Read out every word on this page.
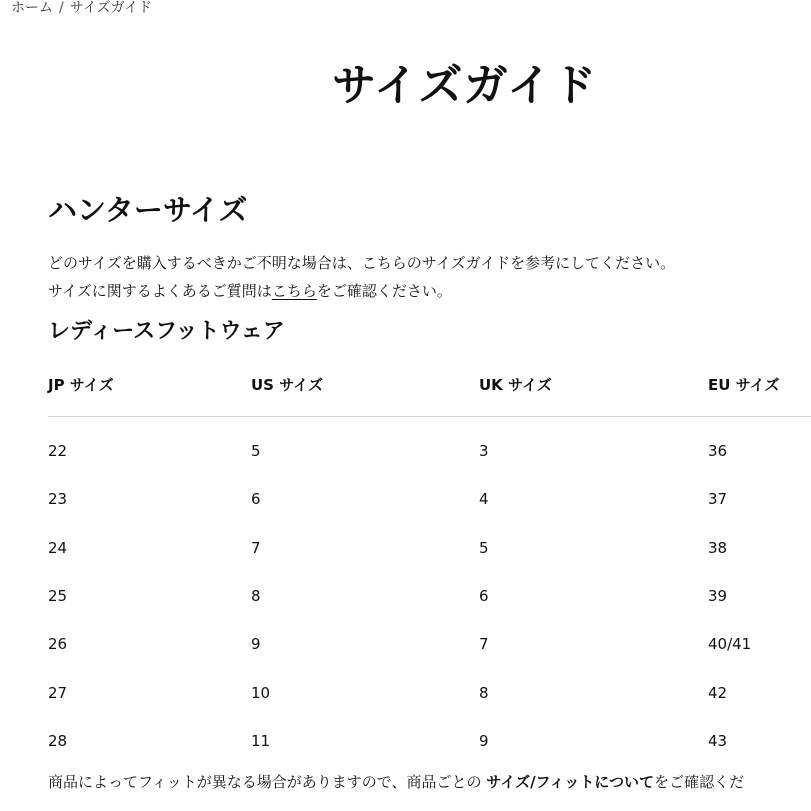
ホーム / サイズガイド
サイズガイド
ハンターサイズ
どのサイズを購入するべきかご不明な場合は、こちらのサイズガイドを参考にしてください。
サイズに関するよくあるご質問はこちらをご確認ください。
レディースフットウェア
JP サイズ	US サイズ	UK サイズ	EU サイズ
22	5	3	36
23	6	4	37
24	7	5	38
25	8	6	39
26	9	7	40/41
27	10	8	42
28	11	9	43

商品によってフィットが異なる場合がありますので、商品ごとの サイズ/フィットについてをご確認くだ
